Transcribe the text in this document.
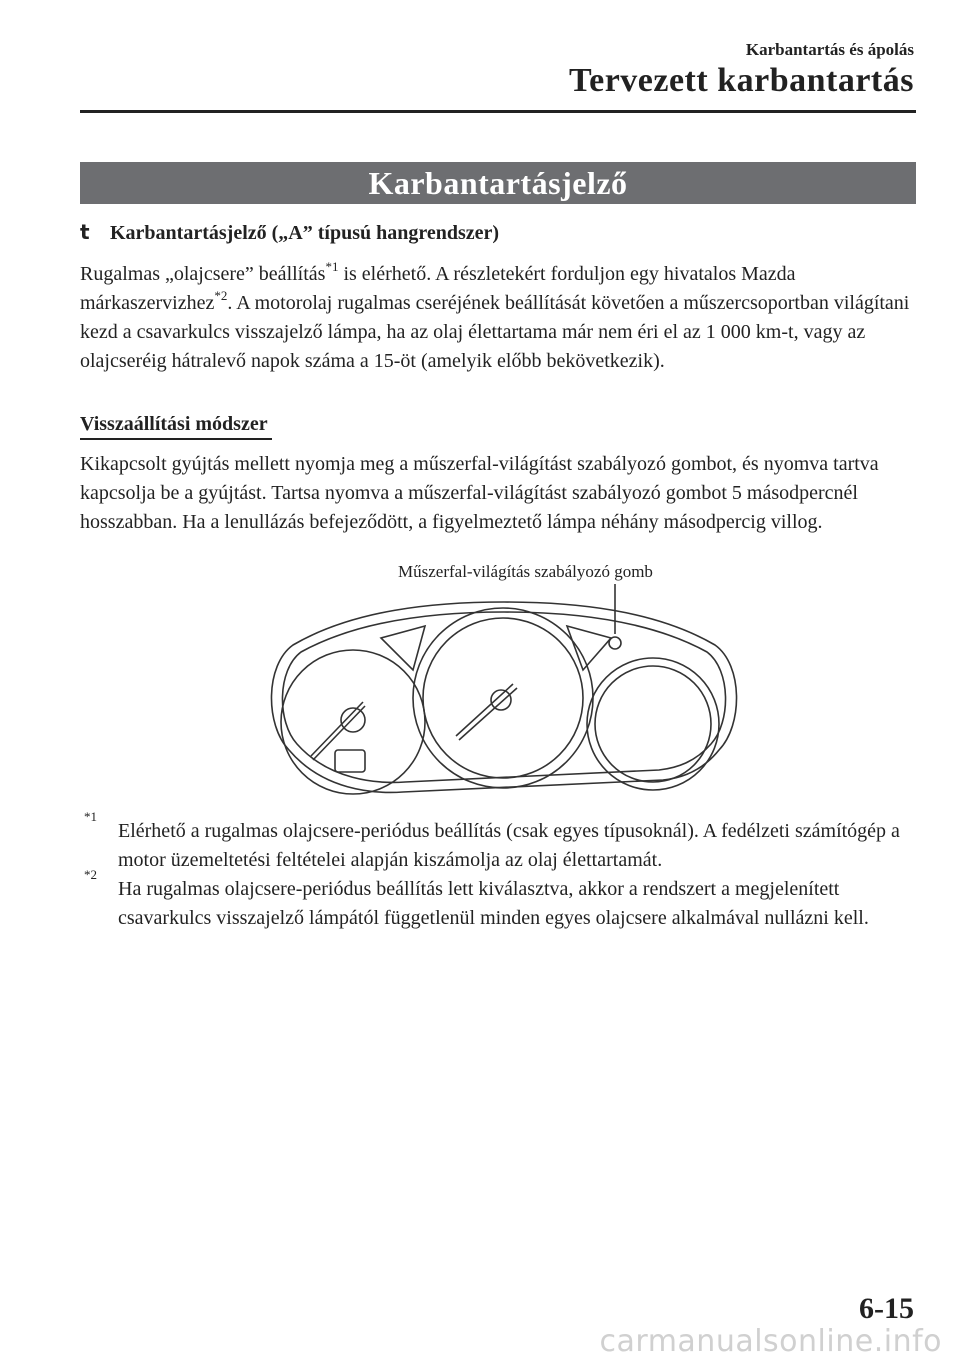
Karbantartás és ápolás
Tervezett karbantartás
Karbantartásjelző
t Karbantartásjelző („A” típusú hangrendszer)

Rugalmas „olajcsere” beállítás$^{*1}$ is elérhető. A részletekért forduljon egy hivatalos Mazda márkaszervizhez$^{*2}$. A motorolaj rugalmas cseréjének beállítását követően a műszercsoportban világítani kezd a csavarkulcs visszajelző lámpa, ha az olaj élettartama már nem éri el az 1 000 km-t, vagy az olajcseréig hátralevő napok száma a 15-öt (amelyik előbb bekövetkezik).

Visszaállítási módszer

Kikapcsolt gyújtás mellett nyomja meg a műszerfal-világítást szabályozó gombot, és nyomva tartva kapcsolja be a gyújtást. Tartsa nyomva a műszerfal-világítást szabályozó gombot 5 másodpercnél hosszabban. Ha a lenullázás befejeződött, a figyelmeztető lámpa néhány másodpercig villog.

Műszerfal-világítás szabályozó gomb
*1
Elérhető a rugalmas olajcsere-periódus beállítás (csak egyes típusoknál). A fedélzeti számítógép a motor üzemeltetési feltételei alapján kiszámolja az olaj élettartamát.
*2
Ha rugalmas olajcsere-periódus beállítás lett kiválasztva, akkor a rendszert a megjelenített csavarkulcs visszajelző lámpától függetlenül minden egyes olajcsere alkalmával nullázni kell.
6-15
carmanualsonline.info
